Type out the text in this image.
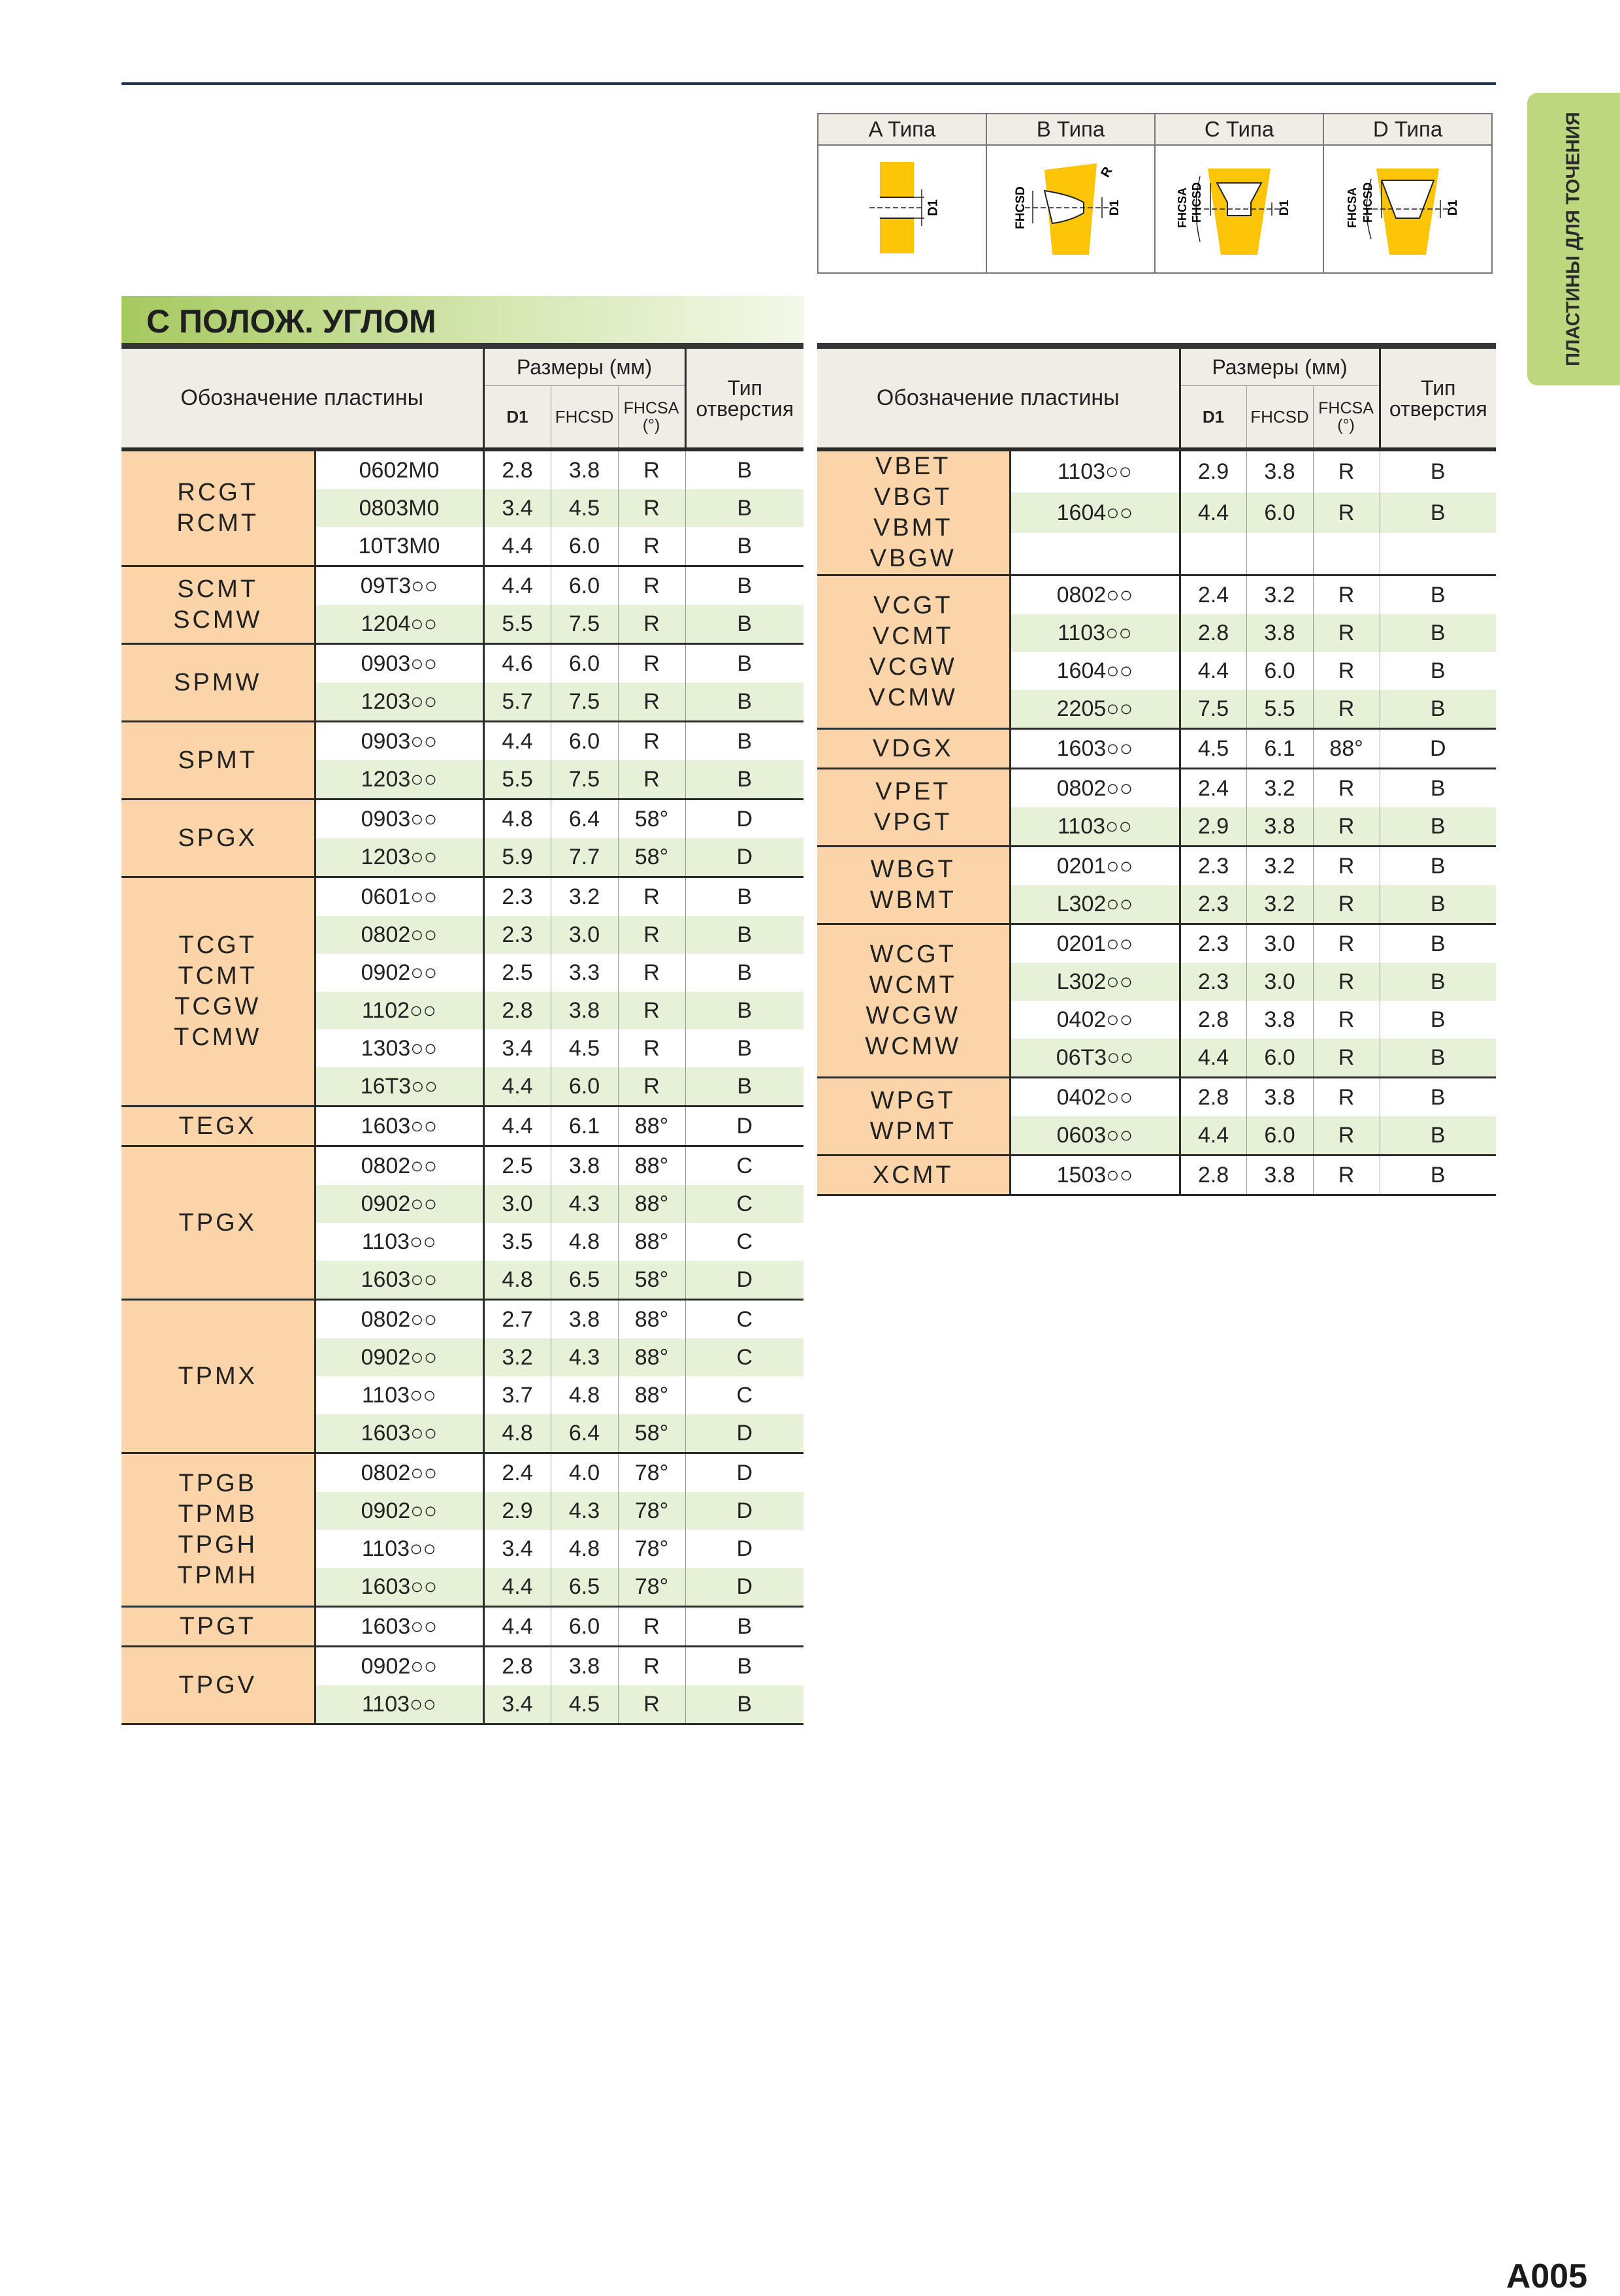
ПЛАСТИНЫ ДЛЯ ТОЧЕНИЯ
A Типа	B Типа	C Типа	D Типа

D1	FHCSD D1
R	FHCSA FHCSD D1	FHCSA FHCSD D1
С ПОЛОЖ. УГЛОМ
Обозначение пластины		Размеры (мм)			Тип
отверстия
		D1	FHCSD	FHCSA
(°)	
RCGT
RCMT	0602M0	2.8	3.8	R	B
	0803M0	3.4	4.5	R	B
	10T3M0	4.4	6.0	R	B
SCMT
SCMW	09T3○○	4.4	6.0	R	B
	1204○○	5.5	7.5	R	B
SPMW	0903○○	4.6	6.0	R	B
	1203○○	5.7	7.5	R	B
SPMT	0903○○	4.4	6.0	R	B
	1203○○	5.5	7.5	R	B
SPGX	0903○○	4.8	6.4	58°	D
	1203○○	5.9	7.7	58°	D
TCGT
TCMT
TCGW
TCMW	0601○○	2.3	3.2	R	B
	0802○○	2.3	3.0	R	B
	0902○○	2.5	3.3	R	B
	1102○○	2.8	3.8	R	B
	1303○○	3.4	4.5	R	B
	16T3○○	4.4	6.0	R	B
TEGX	1603○○	4.4	6.1	88°	D
TPGX	0802○○	2.5	3.8	88°	C
	0902○○	3.0	4.3	88°	C
	1103○○	3.5	4.8	88°	C
	1603○○	4.8	6.5	58°	D
TPMX	0802○○	2.7	3.8	88°	C
	0902○○	3.2	4.3	88°	C
	1103○○	3.7	4.8	88°	C
	1603○○	4.8	6.4	58°	D
TPGB
TPMB
TPGH
TPMH	0802○○	2.4	4.0	78°	D
	0902○○	2.9	4.3	78°	D
	1103○○	3.4	4.8	78°	D
	1603○○	4.4	6.5	78°	D
TPGT	1603○○	4.4	6.0	R	B
TPGV	0902○○	2.8	3.8	R	B
	1103○○	3.4	4.5	R	B
Обозначение пластины		Размеры (мм)			Тип
отверстия
		D1	FHCSD	FHCSA
(°)	
VBET
VBGT
VBMT
VBGW	1103○○	2.9	3.8	R	B
	1604○○	4.4	6.0	R	B

VCGT
VCMT
VCGW
VCMW	0802○○	2.4	3.2	R	B
	1103○○	2.8	3.8	R	B
	1604○○	4.4	6.0	R	B
	2205○○	7.5	5.5	R	B
VDGX	1603○○	4.5	6.1	88°	D
VPET
VPGT	0802○○	2.4	3.2	R	B
	1103○○	2.9	3.8	R	B
WBGT
WBMT	0201○○	2.3	3.2	R	B
	L302○○	2.3	3.2	R	B
WCGT
WCMT
WCGW
WCMW	0201○○	2.3	3.0	R	B
	L302○○	2.3	3.0	R	B
	0402○○	2.8	3.8	R	B
	06T3○○	4.4	6.0	R	B
WPGT
WPMT	0402○○	2.8	3.8	R	B
	0603○○	4.4	6.0	R	B
XCMT	1503○○	2.8	3.8	R	B
A005
